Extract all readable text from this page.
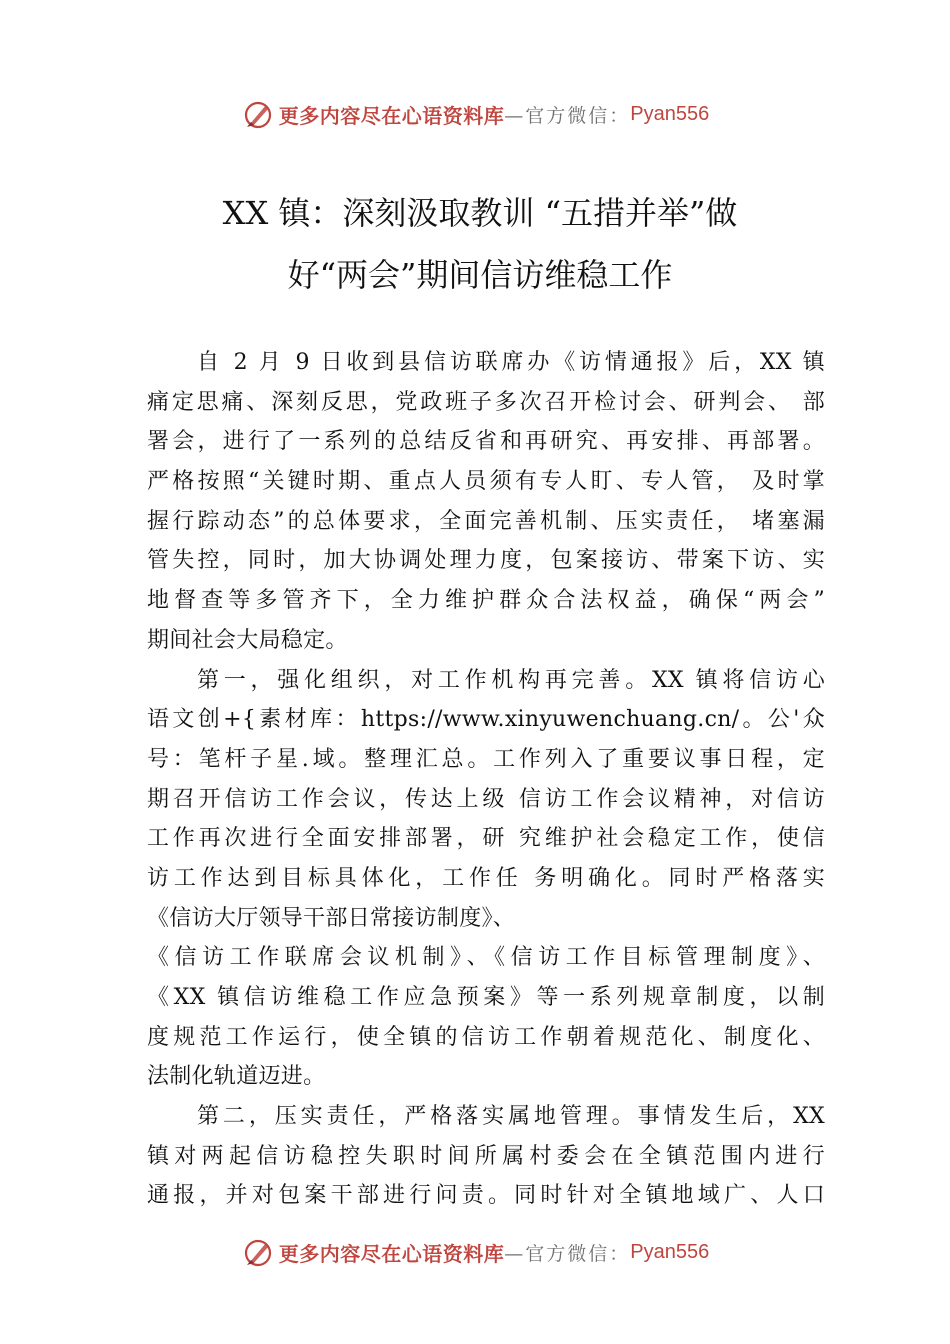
更多内容尽在心语资料库 —官方微信： Pyan556
XX 镇：深刻汲取教训 “五措并举”做
好“两会”期间信访维稳工作

自 2 月 9 日收到县信访联席办《访情通报》后，XX 镇
痛定思痛、深刻反思，党政班子多次召开检讨会、研判会、 部
署会，进行了一系列的总结反省和再研究、再安排、再部署。
严格按照“关键时期、重点人员须有专人盯、专人管， 及时掌
握行踪动态”的总体要求，全面完善机制、压实责任， 堵塞漏
管失控，同时，加大协调处理力度，包案接访、带案下访、实
地督查等多管齐下，全力维护群众合法权益，确保“两会”
期间社会大局稳定。

第一，强化组织，对工作机构再完善。XX 镇将信访心
语文创+{素材库：https://www.xinyuwenchuang.cn/。公'众
号：笔杆子星.域。整理汇总。工作列入了重要议事日程，定
期召开信访工作会议，传达上级 信访工作会议精神，对信访
工作再次进行全面安排部署，研 究维护社会稳定工作，使信
访工作达到目标具体化，工作任 务明确化。同时严格落实
《信访大厅领导干部日常接访制度》、
《信访工作联席会议机制》、《信访工作目标管理制度》、
《XX 镇信访维稳工作应急预案》等一系列规章制度，以制
度规范工作运行，使全镇的信访工作朝着规范化、制度化、
法制化轨道迈进。

第二，压实责任，严格落实属地管理。事情发生后，XX
镇对两起信访稳控失职时间所属村委会在全镇范围内进行
通报，并对包案干部进行问责。同时针对全镇地域广、人口

更多内容尽在心语资料库 —官方微信： Pyan556
